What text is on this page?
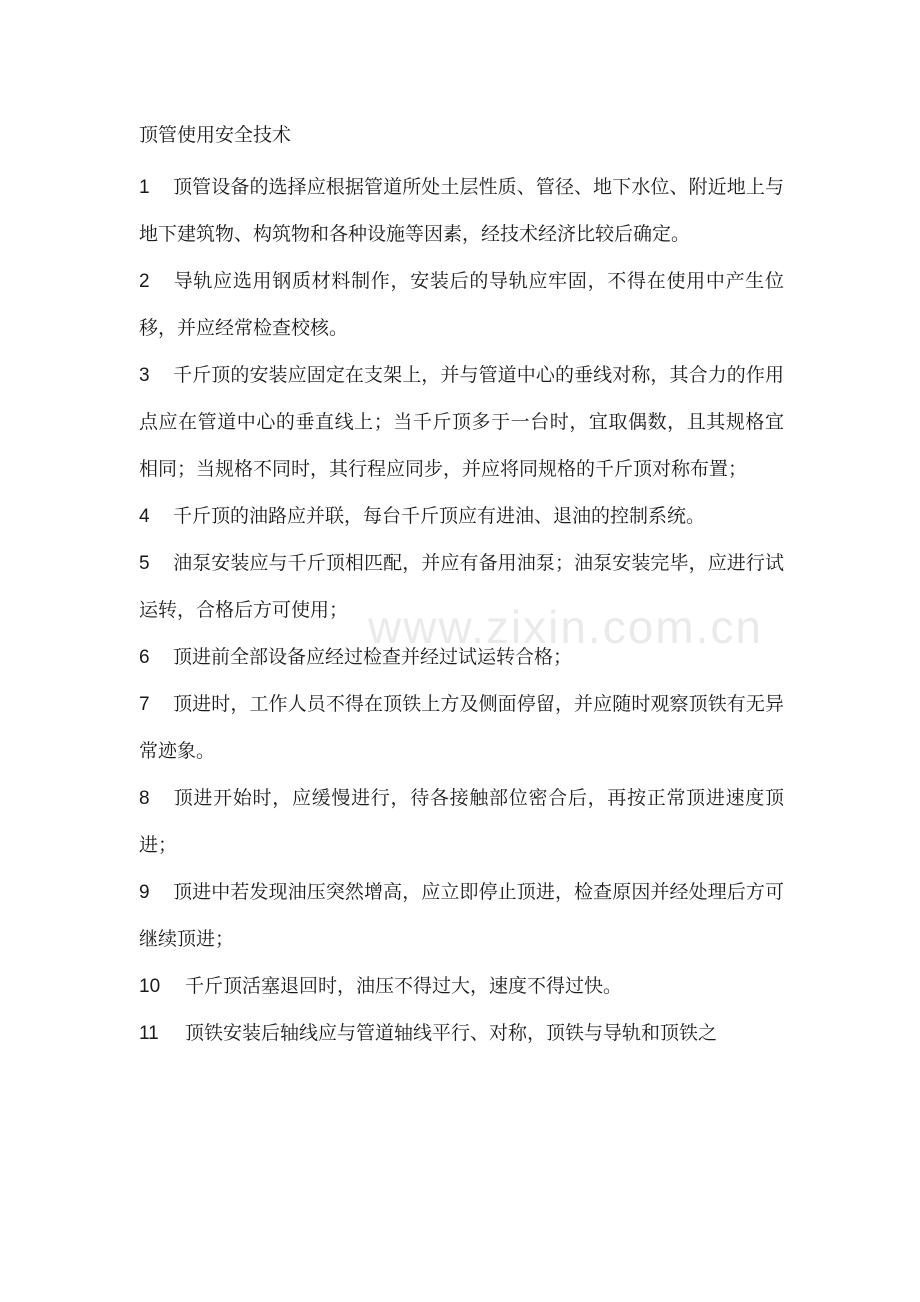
顶管使用安全技术

1 顶管设备的选择应根据管道所处土层性质、管径、地下水位、附近地上与地下建筑物、构筑物和各种设施等因素，经技术经济比较后确定。

2 导轨应选用钢质材料制作，安装后的导轨应牢固，不得在使用中产生位移，并应经常检查校核。

3 千斤顶的安装应固定在支架上，并与管道中心的垂线对称，其合力的作用点应在管道中心的垂直线上；当千斤顶多于一台时，宜取偶数，且其规格宜相同；当规格不同时，其行程应同步，并应将同规格的千斤顶对称布置；

4 千斤顶的油路应并联，每台千斤顶应有进油、退油的控制系统。

5 油泵安装应与千斤顶相匹配，并应有备用油泵；油泵安装完毕，应进行试运转，合格后方可使用；

6 顶进前全部设备应经过检查并经过试运转合格；

7 顶进时，工作人员不得在顶铁上方及侧面停留，并应随时观察顶铁有无异常迹象。

8 顶进开始时，应缓慢进行，待各接触部位密合后，再按正常顶进速度顶进；

9 顶进中若发现油压突然增高，应立即停止顶进，检查原因并经处理后方可继续顶进；

10 千斤顶活塞退回时，油压不得过大，速度不得过快。

11 顶铁安装后轴线应与管道轴线平行、对称，顶铁与导轨和顶铁之

www.zixin.com.cn
